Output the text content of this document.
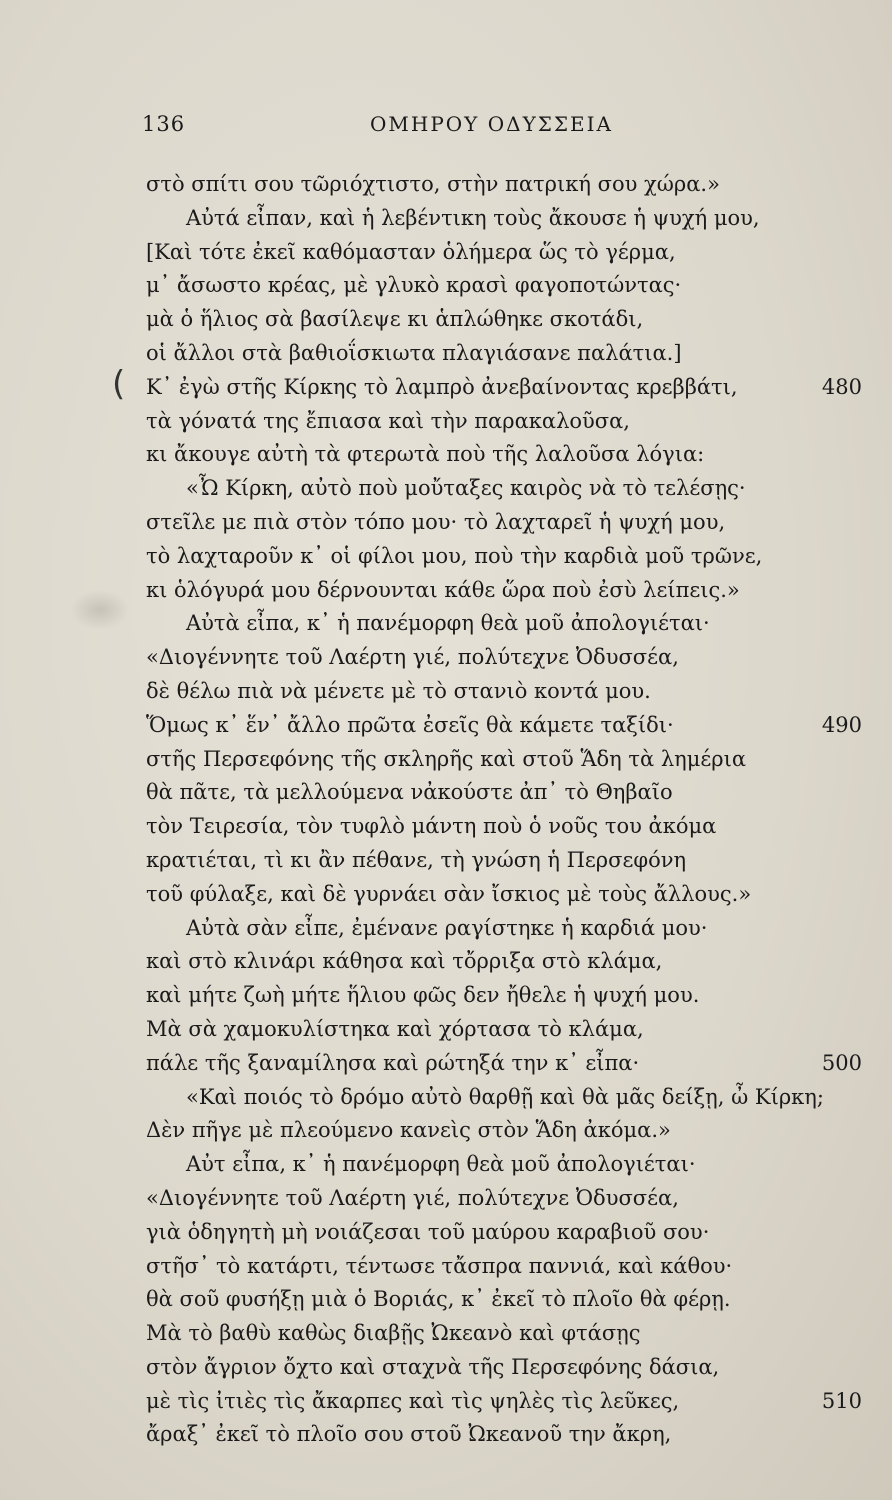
(
136	ΟΜΗΡΟΥ ΟΔΥΣΣΕΙΑ
στὸ σπίτι σου τῶριόχτιστο, στὴν πατρική σου χώρα.»
Αὐτά εἶπαν, καὶ ἡ λεβέντικη τοὺς ἄκουσε ἡ ψυχή μου,
[Καὶ τότε ἐκεῖ καθόμασταν ὁλήμερα ὥς τὸ γέρμα,
μ᾽ ἄσωστο κρέας, μὲ γλυκὸ κρασὶ φαγοποτώντας·
μὰ ὁ ἥλιος σὰ βασίλεψε κι ἁπλώθηκε σκοτάδι,
οἱ ἄλλοι στὰ βαθιοΐσκιωτα πλαγιάσανε παλάτια.]
Κ᾽ ἐγὼ στῆς Κίρκης τὸ λαμπρὸ ἀνεβαίνοντας κρεββάτι,	480
τὰ γόνατά της ἔπιασα καὶ τὴν παρακαλοῦσα,
κι ἄκουγε αὐτὴ τὰ φτερωτὰ ποὺ τῆς λαλοῦσα λόγια:
«Ὦ Κίρκη, αὐτὸ ποὺ μοὔταξες καιρὸς νὰ τὸ τελέσῃς·
στεῖλε με πιὰ στὸν τόπο μου· τὸ λαχταρεῖ ἡ ψυχή μου,
τὸ λαχταροῦν κ᾽ οἱ φίλοι μου, ποὺ τὴν καρδιὰ μοῦ τρῶνε,
κι ὁλόγυρά μου δέρνουνται κάθε ὥρα ποὺ ἐσὺ λείπεις.»
Αὐτὰ εἶπα, κ᾽ ἡ πανέμορφη θεὰ μοῦ ἀπολογιέται·
«Διογέννητε τοῦ Λαέρτη γιέ, πολύτεχνε Ὀδυσσέα,
δὲ θέλω πιὰ νὰ μένετε μὲ τὸ στανιὸ κοντά μου.
Ὅμως κ᾽ ἕν᾽ ἄλλο πρῶτα ἐσεῖς θὰ κάμετε ταξίδι·	490
στῆς Περσεφόνης τῆς σκληρῆς καὶ στοῦ Ἅδη τὰ λημέρια
θὰ πᾶτε, τὰ μελλούμενα νἀκούστε ἀπ᾽ τὸ Θηβαῖο
τὸν Τειρεσία, τὸν τυφλὸ μάντη ποὺ ὁ νοῦς του ἀκόμα
κρατιέται, τὶ κι ἂν πέθανε, τὴ γνώση ἡ Περσεφόνη
τοῦ φύλαξε, καὶ δὲ γυρνάει σὰν ἴσκιος μὲ τοὺς ἄλλους.»
Αὐτὰ σὰν εἶπε, ἐμένανε ραγίστηκε ἡ καρδιά μου·
καὶ στὸ κλινάρι κάθησα καὶ τὄρριξα στὸ κλάμα,
καὶ μήτε ζωὴ μήτε ἥλιου φῶς δεν ἤθελε ἡ ψυχή μου.
Μὰ σὰ χαμοκυλίστηκα καὶ χόρτασα τὸ κλάμα,
πάλε τῆς ξαναμίλησα καὶ ρώτηξά την κ᾽ εἶπα·	500
«Καὶ ποιός τὸ δρόμο αὐτὸ θαρθῇ καὶ θὰ μᾶς δείξῃ, ὦ Κίρκη;
Δὲν πῆγε μὲ πλεούμενο κανεὶς στὸν Ἅδη ἀκόμα.»
Αὐτ εἶπα, κ᾽ ἡ πανέμορφη θεὰ μοῦ ἀπολογιέται·
«Διογέννητε τοῦ Λαέρτη γιέ, πολύτεχνε Ὀδυσσέα,
γιὰ ὁδηγητὴ μὴ νοιάζεσαι τοῦ μαύρου καραβιοῦ σου·
στῆσ᾽ τὸ κατάρτι, τέντωσε τἄσπρα παννιά, καὶ κάθου·
θὰ σοῦ φυσήξῃ μιὰ ὁ Βοριάς, κ᾽ ἐκεῖ τὸ πλοῖο θὰ φέρῃ.
Μὰ τὸ βαθὺ καθὼς διαβῇς Ὠκεανὸ καὶ φτάσῃς
στὸν ἄγριον ὄχτο καὶ σταχνὰ τῆς Περσεφόνης δάσια,
μὲ τὶς ἰτιὲς τὶς ἄκαρπες καὶ τὶς ψηλὲς τὶς λεῦκες,	510
ἄραξ᾽ ἐκεῖ τὸ πλοῖο σου στοῦ Ὠκεανοῦ την ἄκρη,
